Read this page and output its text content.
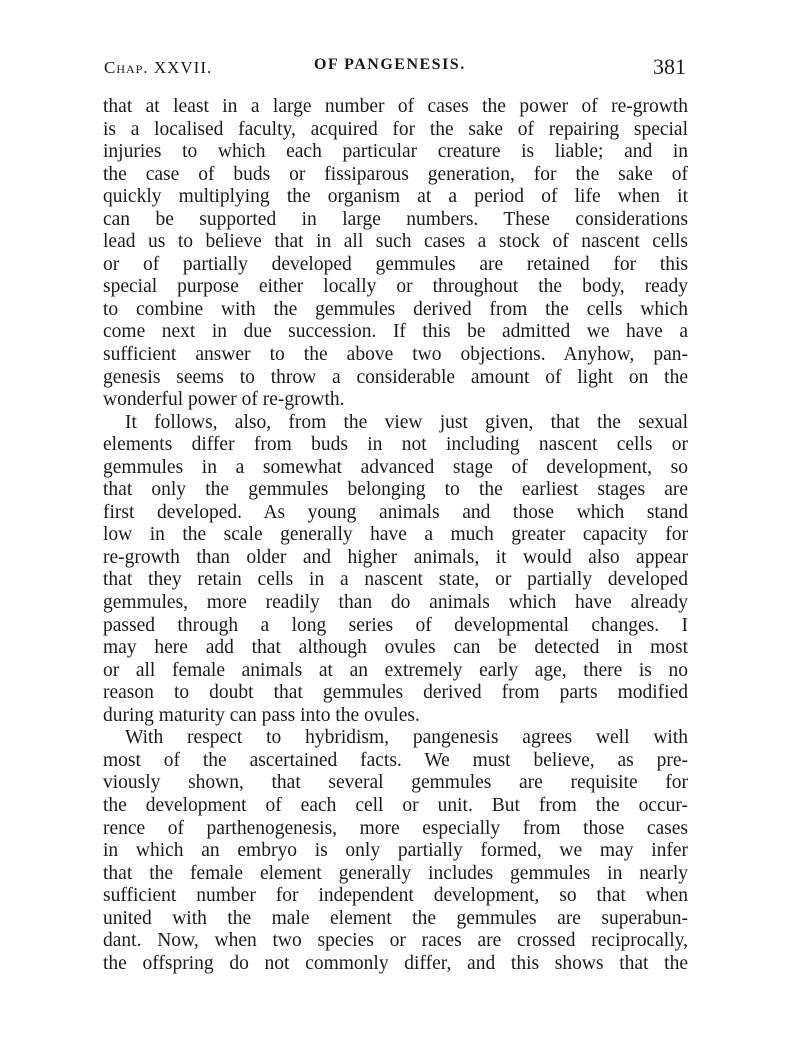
Chap. XXVII.	OF PANGENESIS.	381
that at least in a large number of cases the power of re-growth
is a localised faculty, acquired for the sake of repairing special
injuries to which each particular creature is liable; and in
the case of buds or fissiparous generation, for the sake of
quickly multiplying the organism at a period of life when it
can be supported in large numbers. These considerations
lead us to believe that in all such cases a stock of nascent cells
or of partially developed gemmules are retained for this
special purpose either locally or throughout the body, ready
to combine with the gemmules derived from the cells which
come next in due succession. If this be admitted we have a
sufficient answer to the above two objections. Anyhow, pan-
genesis seems to throw a considerable amount of light on the
wonderful power of re-growth.
It follows, also, from the view just given, that the sexual
elements differ from buds in not including nascent cells or
gemmules in a somewhat advanced stage of development, so
that only the gemmules belonging to the earliest stages are
first developed. As young animals and those which stand
low in the scale generally have a much greater capacity for
re-growth than older and higher animals, it would also appear
that they retain cells in a nascent state, or partially developed
gemmules, more readily than do animals which have already
passed through a long series of developmental changes. I
may here add that although ovules can be detected in most
or all female animals at an extremely early age, there is no
reason to doubt that gemmules derived from parts modified
during maturity can pass into the ovules.
With respect to hybridism, pangenesis agrees well with
most of the ascertained facts. We must believe, as pre-
viously shown, that several gemmules are requisite for
the development of each cell or unit. But from the occur-
rence of parthenogenesis, more especially from those cases
in which an embryo is only partially formed, we may infer
that the female element generally includes gemmules in nearly
sufficient number for independent development, so that when
united with the male element the gemmules are superabun-
dant. Now, when two species or races are crossed reciprocally,
the offspring do not commonly differ, and this shows that the
